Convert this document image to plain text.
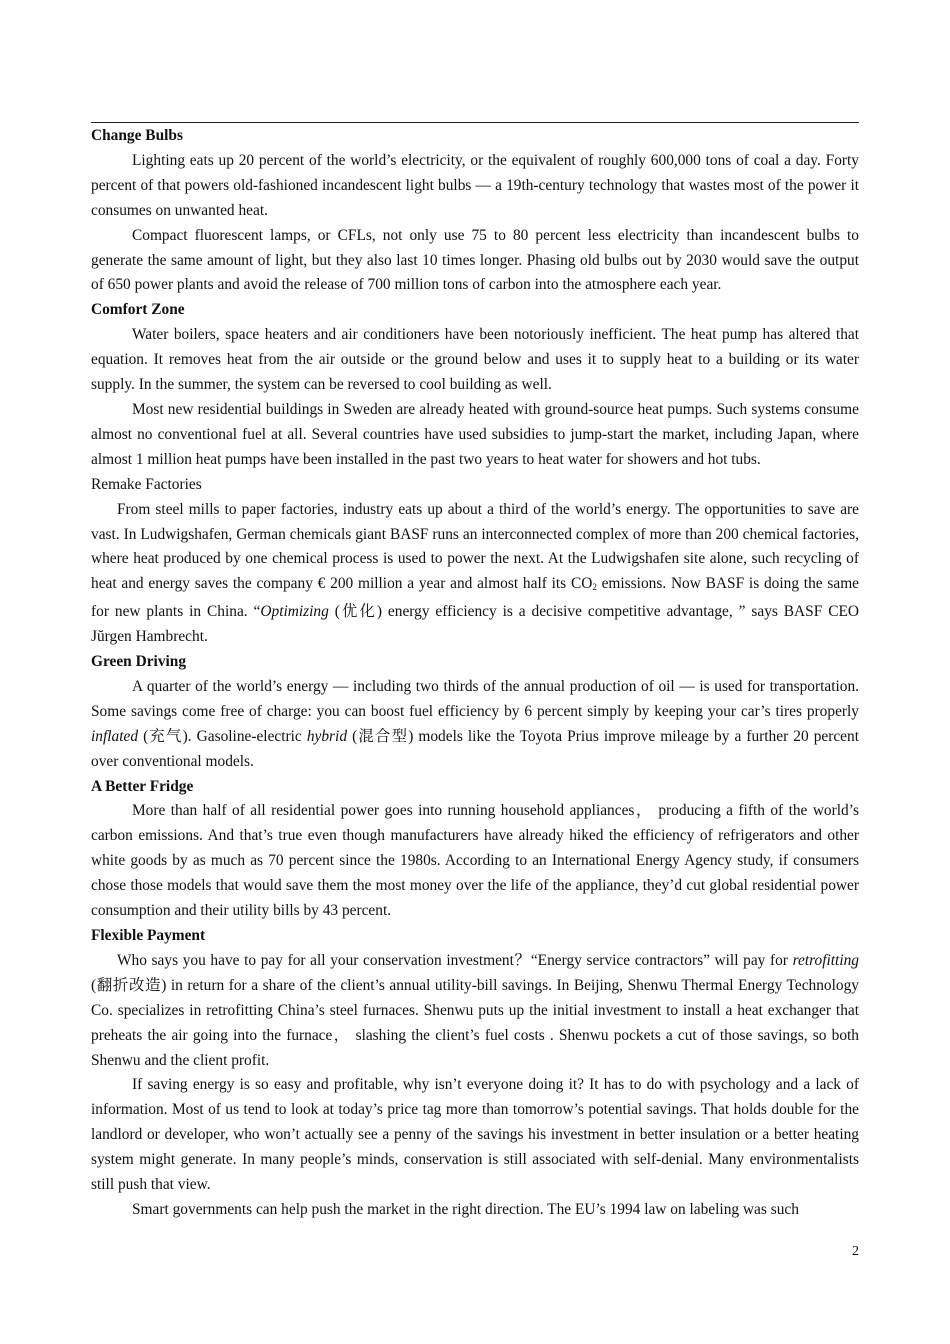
Change Bulbs

Lighting eats up 20 percent of the world’s electricity, or the equivalent of roughly 600,000 tons of coal a day. Forty percent of that powers old-fashioned incandescent light bulbs — a 19th-century technology that wastes most of the power it consumes on unwanted heat.

Compact fluorescent lamps, or CFLs, not only use 75 to 80 percent less electricity than incandescent bulbs to generate the same amount of light, but they also last 10 times longer. Phasing old bulbs out by 2030 would save the output of 650 power plants and avoid the release of 700 million tons of carbon into the atmosphere each year.

Comfort Zone

Water boilers, space heaters and air conditioners have been notoriously inefficient. The heat pump has altered that equation. It removes heat from the air outside or the ground below and uses it to supply heat to a building or its water supply. In the summer, the system can be reversed to cool building as well.

Most new residential buildings in Sweden are already heated with ground-source heat pumps. Such systems consume almost no conventional fuel at all. Several countries have used subsidies to jump-start the market, including Japan, where almost 1 million heat pumps have been installed in the past two years to heat water for showers and hot tubs.

Remake Factories

From steel mills to paper factories, industry eats up about a third of the world’s energy. The opportunities to save are vast. In Ludwigshafen, German chemicals giant BASF runs an interconnected complex of more than 200 chemical factories, where heat produced by one chemical process is used to power the next. At the Ludwigshafen site alone, such recycling of heat and energy saves the company € 200 million a year and almost half its $CO_2$ emissions. Now BASF is doing the same for new plants in China. “Optimizing (优化) energy efficiency is a decisive competitive advantage, ” says BASF CEO Jŭrgen Hambrecht.

Green Driving

A quarter of the world’s energy — including two thirds of the annual production of oil — is used for transportation. Some savings come free of charge: you can boost fuel efficiency by 6 percent simply by keeping your car’s tires properly inflated (充气). Gasoline-electric hybrid (混合型) models like the Toyota Prius improve mileage by a further 20 percent over conventional models.

A Better Fridge

More than half of all residential power goes into running household appliances， producing a fifth of the world’s carbon emissions. And that’s true even though manufacturers have already hiked the efficiency of refrigerators and other white goods by as much as 70 percent since the 1980s. According to an International Energy Agency study, if consumers chose those models that would save them the most money over the life of the appliance, they’d cut global residential power consumption and their utility bills by 43 percent.

Flexible Payment

Who says you have to pay for all your conservation investment？“Energy service contractors” will pay for retrofitting (翻折改造) in return for a share of the client’s annual utility-bill savings. In Beijing, Shenwu Thermal Energy Technology Co. specializes in retrofitting China’s steel furnaces. Shenwu puts up the initial investment to install a heat exchanger that preheats the air going into the furnace， slashing the client’s fuel costs . Shenwu pockets a cut of those savings, so both Shenwu and the client profit.

If saving energy is so easy and profitable, why isn’t everyone doing it? It has to do with psychology and a lack of information. Most of us tend to look at today’s price tag more than tomorrow’s potential savings. That holds double for the landlord or developer, who won’t actually see a penny of the savings his investment in better insulation or a better heating system might generate. In many people’s minds, conservation is still associated with self-denial. Many environmentalists still push that view.

Smart governments can help push the market in the right direction. The EU’s 1994 law on labeling was such

2
